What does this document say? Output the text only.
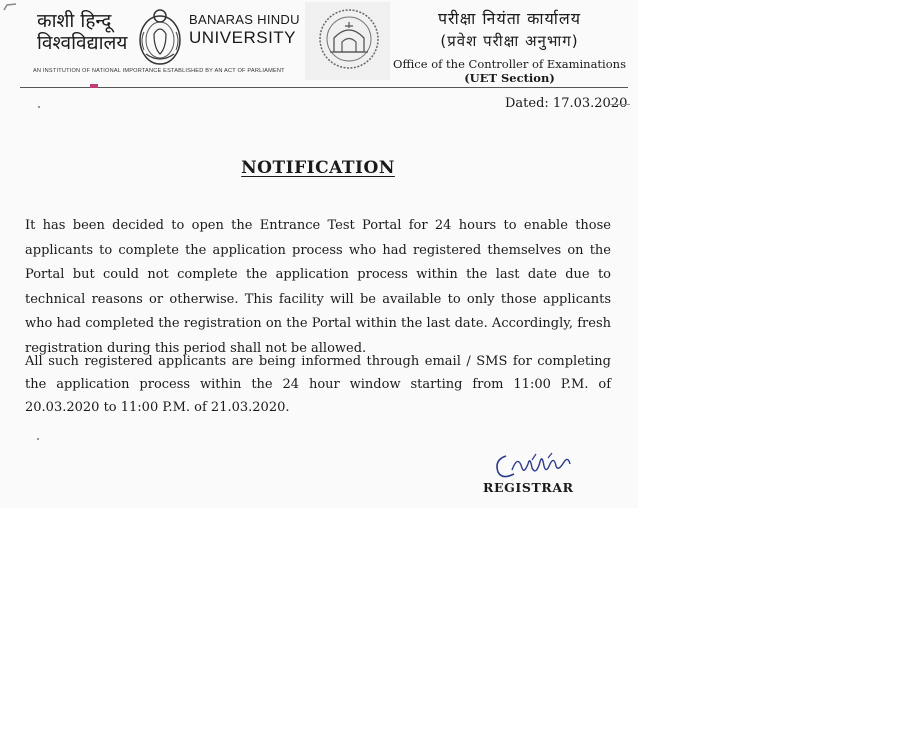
काशी हिन्दू
विश्वविद्यालय
BANARAS HINDU
UNIVERSITY
AN INSTITUTION OF NATIONAL IMPORTANCE ESTABLISHED BY AN ACT OF PARLIAMENT
परीक्षा नियंता कार्यालय
(प्रवेश परीक्षा अनुभाग)
Office of the Controller of Examinations
(UET Section)
Dated: 17.03.2020
NOTIFICATION
It has been decided to open the Entrance Test Portal for 24 hours to enable those applicants to complete the application process who had registered themselves on the Portal but could not complete the application process within the last date due to technical reasons or otherwise. This facility will be available to only those applicants who had completed the registration on the Portal within the last date. Accordingly, fresh registration during this period shall not be allowed.
All such registered applicants are being informed through email / SMS for completing the application process within the 24 hour window starting from 11:00 P.M. of 20.03.2020 to 11:00 P.M. of 21.03.2020.
REGISTRAR
